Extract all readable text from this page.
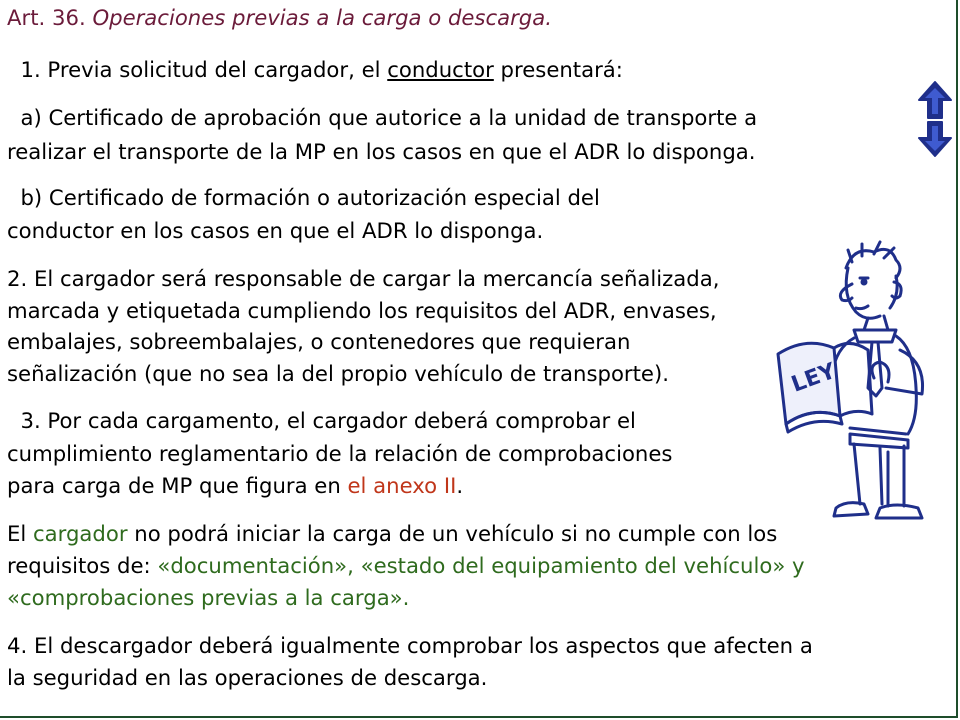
Art. 36. Operaciones previas a la carga o descarga.
1. Previa solicitud del cargador, el conductor presentará:
a) Certificado de aprobación que autorice a la unidad de transporte a
realizar el transporte de la MP en los casos en que el ADR lo disponga.
b) Certificado de formación o autorización especial del
conductor en los casos en que el ADR lo disponga.
2. El cargador será responsable de cargar la mercancía señalizada,
marcada y etiquetada cumpliendo los requisitos del ADR, envases,
embalajes, sobreembalajes, o contenedores que requieran
señalización (que no sea la del propio vehículo de transporte).
3. Por cada cargamento, el cargador deberá comprobar el
cumplimiento reglamentario de la relación de comprobaciones
para carga de MP que figura en el anexo II.
El cargador no podrá iniciar la carga de un vehículo si no cumple con los
requisitos de: «documentación», «estado del equipamiento del vehículo» y
«comprobaciones previas a la carga».
4. El descargador deberá igualmente comprobar los aspectos que afecten a
la seguridad en las operaciones de descarga.
LEY
